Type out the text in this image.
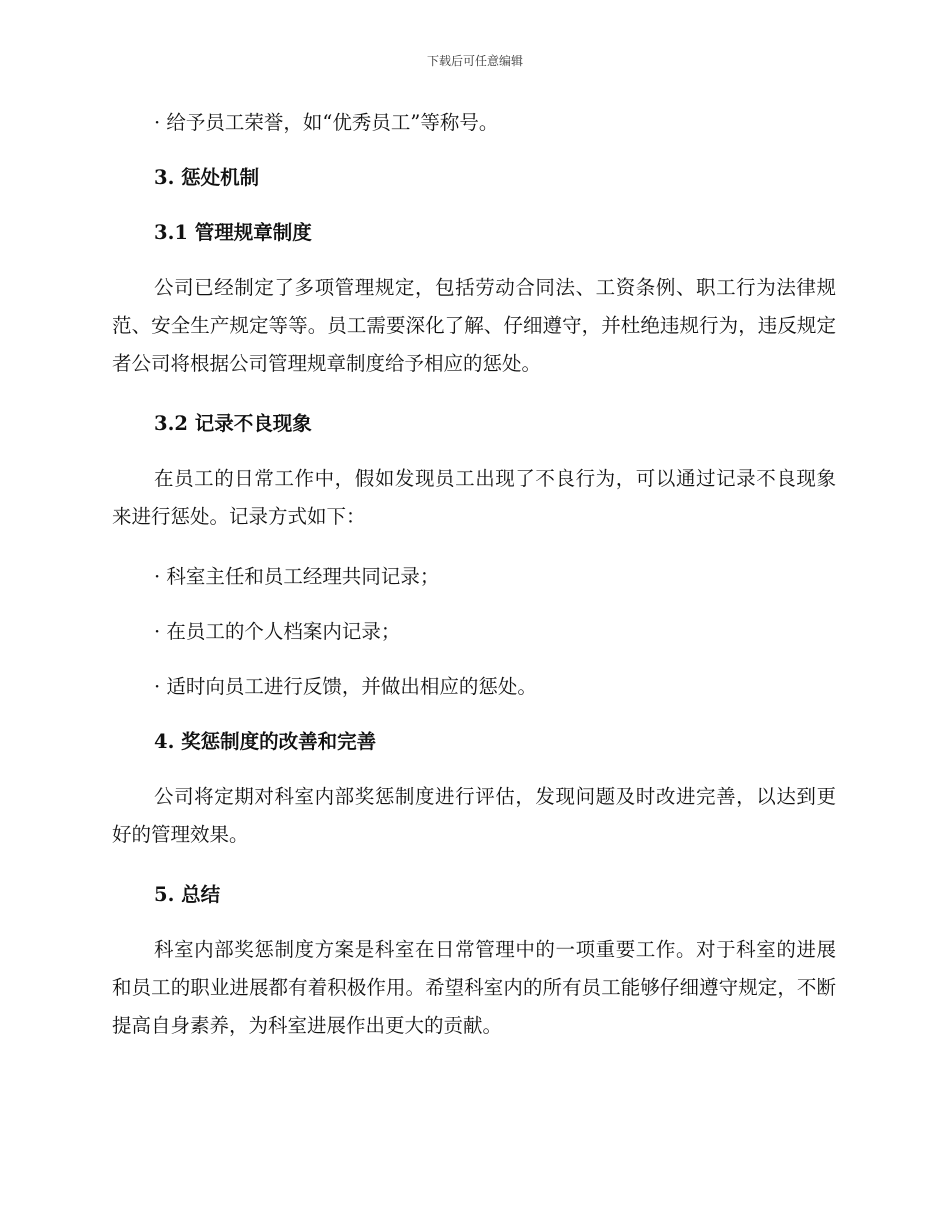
下载后可任意编辑

· 给予员工荣誉，如“优秀员工”等称号。

3. 惩处机制

3.1 管理规章制度

公司已经制定了多项管理规定，包括劳动合同法、工资条例、职工行为法律规范、安全生产规定等等。员工需要深化了解、仔细遵守，并杜绝违规行为，违反规定者公司将根据公司管理规章制度给予相应的惩处。

3.2 记录不良现象

在员工的日常工作中，假如发现员工出现了不良行为，可以通过记录不良现象来进行惩处。记录方式如下：

· 科室主任和员工经理共同记录；

· 在员工的个人档案内记录；

· 适时向员工进行反馈，并做出相应的惩处。

4. 奖惩制度的改善和完善

公司将定期对科室内部奖惩制度进行评估，发现问题及时改进完善，以达到更好的管理效果。

5. 总结

科室内部奖惩制度方案是科室在日常管理中的一项重要工作。对于科室的进展和员工的职业进展都有着积极作用。希望科室内的所有员工能够仔细遵守规定，不断提高自身素养，为科室进展作出更大的贡献。
